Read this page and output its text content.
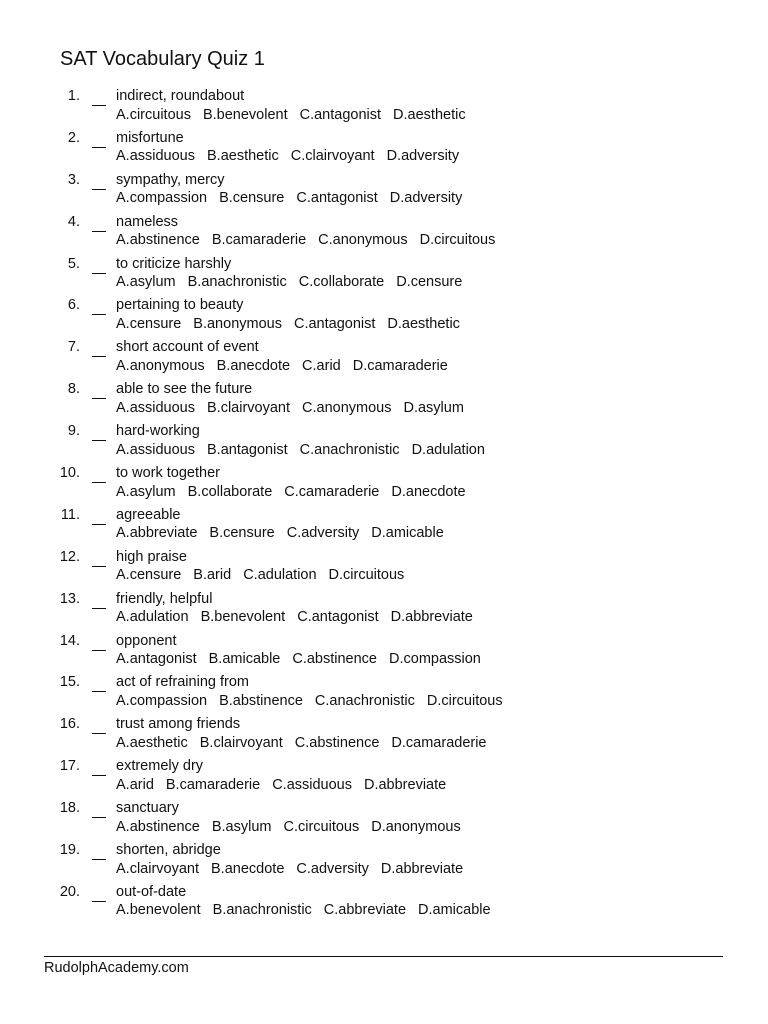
SAT Vocabulary Quiz 1
1. indirect, roundabout
A.circuitous B.benevolent C.antagonist D.aesthetic
2. misfortune
A.assiduous B.aesthetic C.clairvoyant D.adversity
3. sympathy, mercy
A.compassion B.censure C.antagonist D.adversity
4. nameless
A.abstinence B.camaraderie C.anonymous D.circuitous
5. to criticize harshly
A.asylum B.anachronistic C.collaborate D.censure
6. pertaining to beauty
A.censure B.anonymous C.antagonist D.aesthetic
7. short account of event
A.anonymous B.anecdote C.arid D.camaraderie
8. able to see the future
A.assiduous B.clairvoyant C.anonymous D.asylum
9. hard-working
A.assiduous B.antagonist C.anachronistic D.adulation
10. to work together
A.asylum B.collaborate C.camaraderie D.anecdote
11. agreeable
A.abbreviate B.censure C.adversity D.amicable
12. high praise
A.censure B.arid C.adulation D.circuitous
13. friendly, helpful
A.adulation B.benevolent C.antagonist D.abbreviate
14. opponent
A.antagonist B.amicable C.abstinence D.compassion
15. act of refraining from
A.compassion B.abstinence C.anachronistic D.circuitous
16. trust among friends
A.aesthetic B.clairvoyant C.abstinence D.camaraderie
17. extremely dry
A.arid B.camaraderie C.assiduous D.abbreviate
18. sanctuary
A.abstinence B.asylum C.circuitous D.anonymous
19. shorten, abridge
A.clairvoyant B.anecdote C.adversity D.abbreviate
20. out-of-date
A.benevolent B.anachronistic C.abbreviate D.amicable
RudolphAcademy.com
